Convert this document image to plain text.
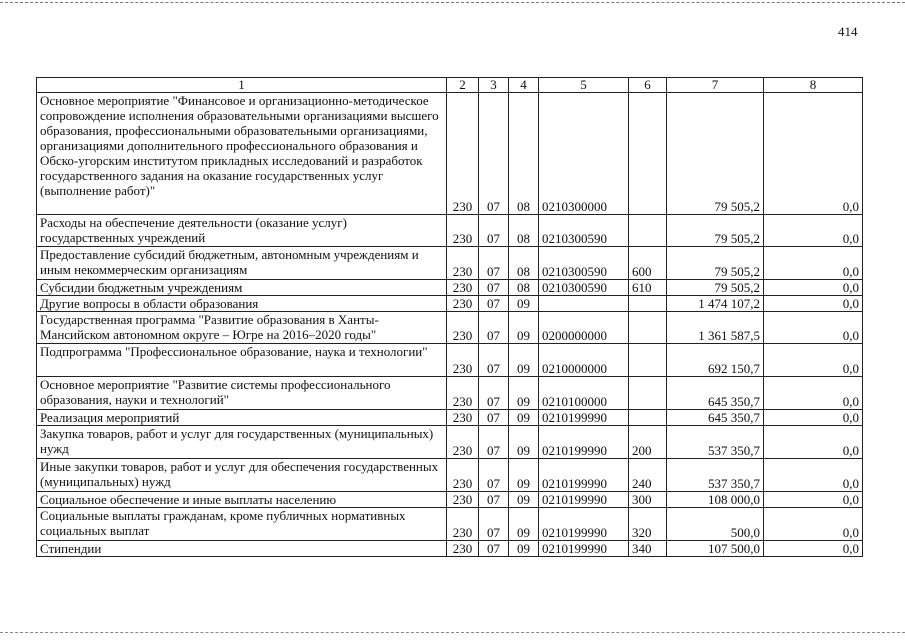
414
1	2	3	4	5	6	7	8
Основное мероприятие "Финансовое и организационно-методическое сопровождение исполнения образовательными организациями высшего образования, профессиональными образовательными организациями, организациями дополнительного профессионального образования и Обско-угорским институтом прикладных исследований и разработок государственного задания на оказание государственных услуг (выполнение работ)"	230	07	08	0210300000		79 505,2	0,0
Расходы на обеспечение деятельности (оказание услуг) государственных учреждений	230	07	08	0210300590		79 505,2	0,0
Предоставление субсидий бюджетным, автономным учреждениям и иным некоммерческим организациям	230	07	08	0210300590	600	79 505,2	0,0
Субсидии бюджетным учреждениям	230	07	08	0210300590	610	79 505,2	0,0
Другие вопросы в области образования	230	07	09			1 474 107,2	0,0
Государственная программа "Развитие образования в Ханты-Мансийском автономном округе – Югре на 2016–2020 годы"	230	07	09	0200000000		1 361 587,5	0,0
Подпрограмма "Профессиональное образование, наука и технологии"	230	07	09	0210000000		692 150,7	0,0
Основное мероприятие "Развитие системы профессионального образования, науки и технологий"	230	07	09	0210100000		645 350,7	0,0
Реализация мероприятий	230	07	09	0210199990		645 350,7	0,0
Закупка товаров, работ и услуг для государственных (муниципальных) нужд	230	07	09	0210199990	200	537 350,7	0,0
Иные закупки товаров, работ и услуг для обеспечения государственных (муниципальных) нужд	230	07	09	0210199990	240	537 350,7	0,0
Социальное обеспечение и иные выплаты населению	230	07	09	0210199990	300	108 000,0	0,0
Социальные выплаты гражданам, кроме публичных нормативных социальных выплат	230	07	09	0210199990	320	500,0	0,0
Стипендии	230	07	09	0210199990	340	107 500,0	0,0
